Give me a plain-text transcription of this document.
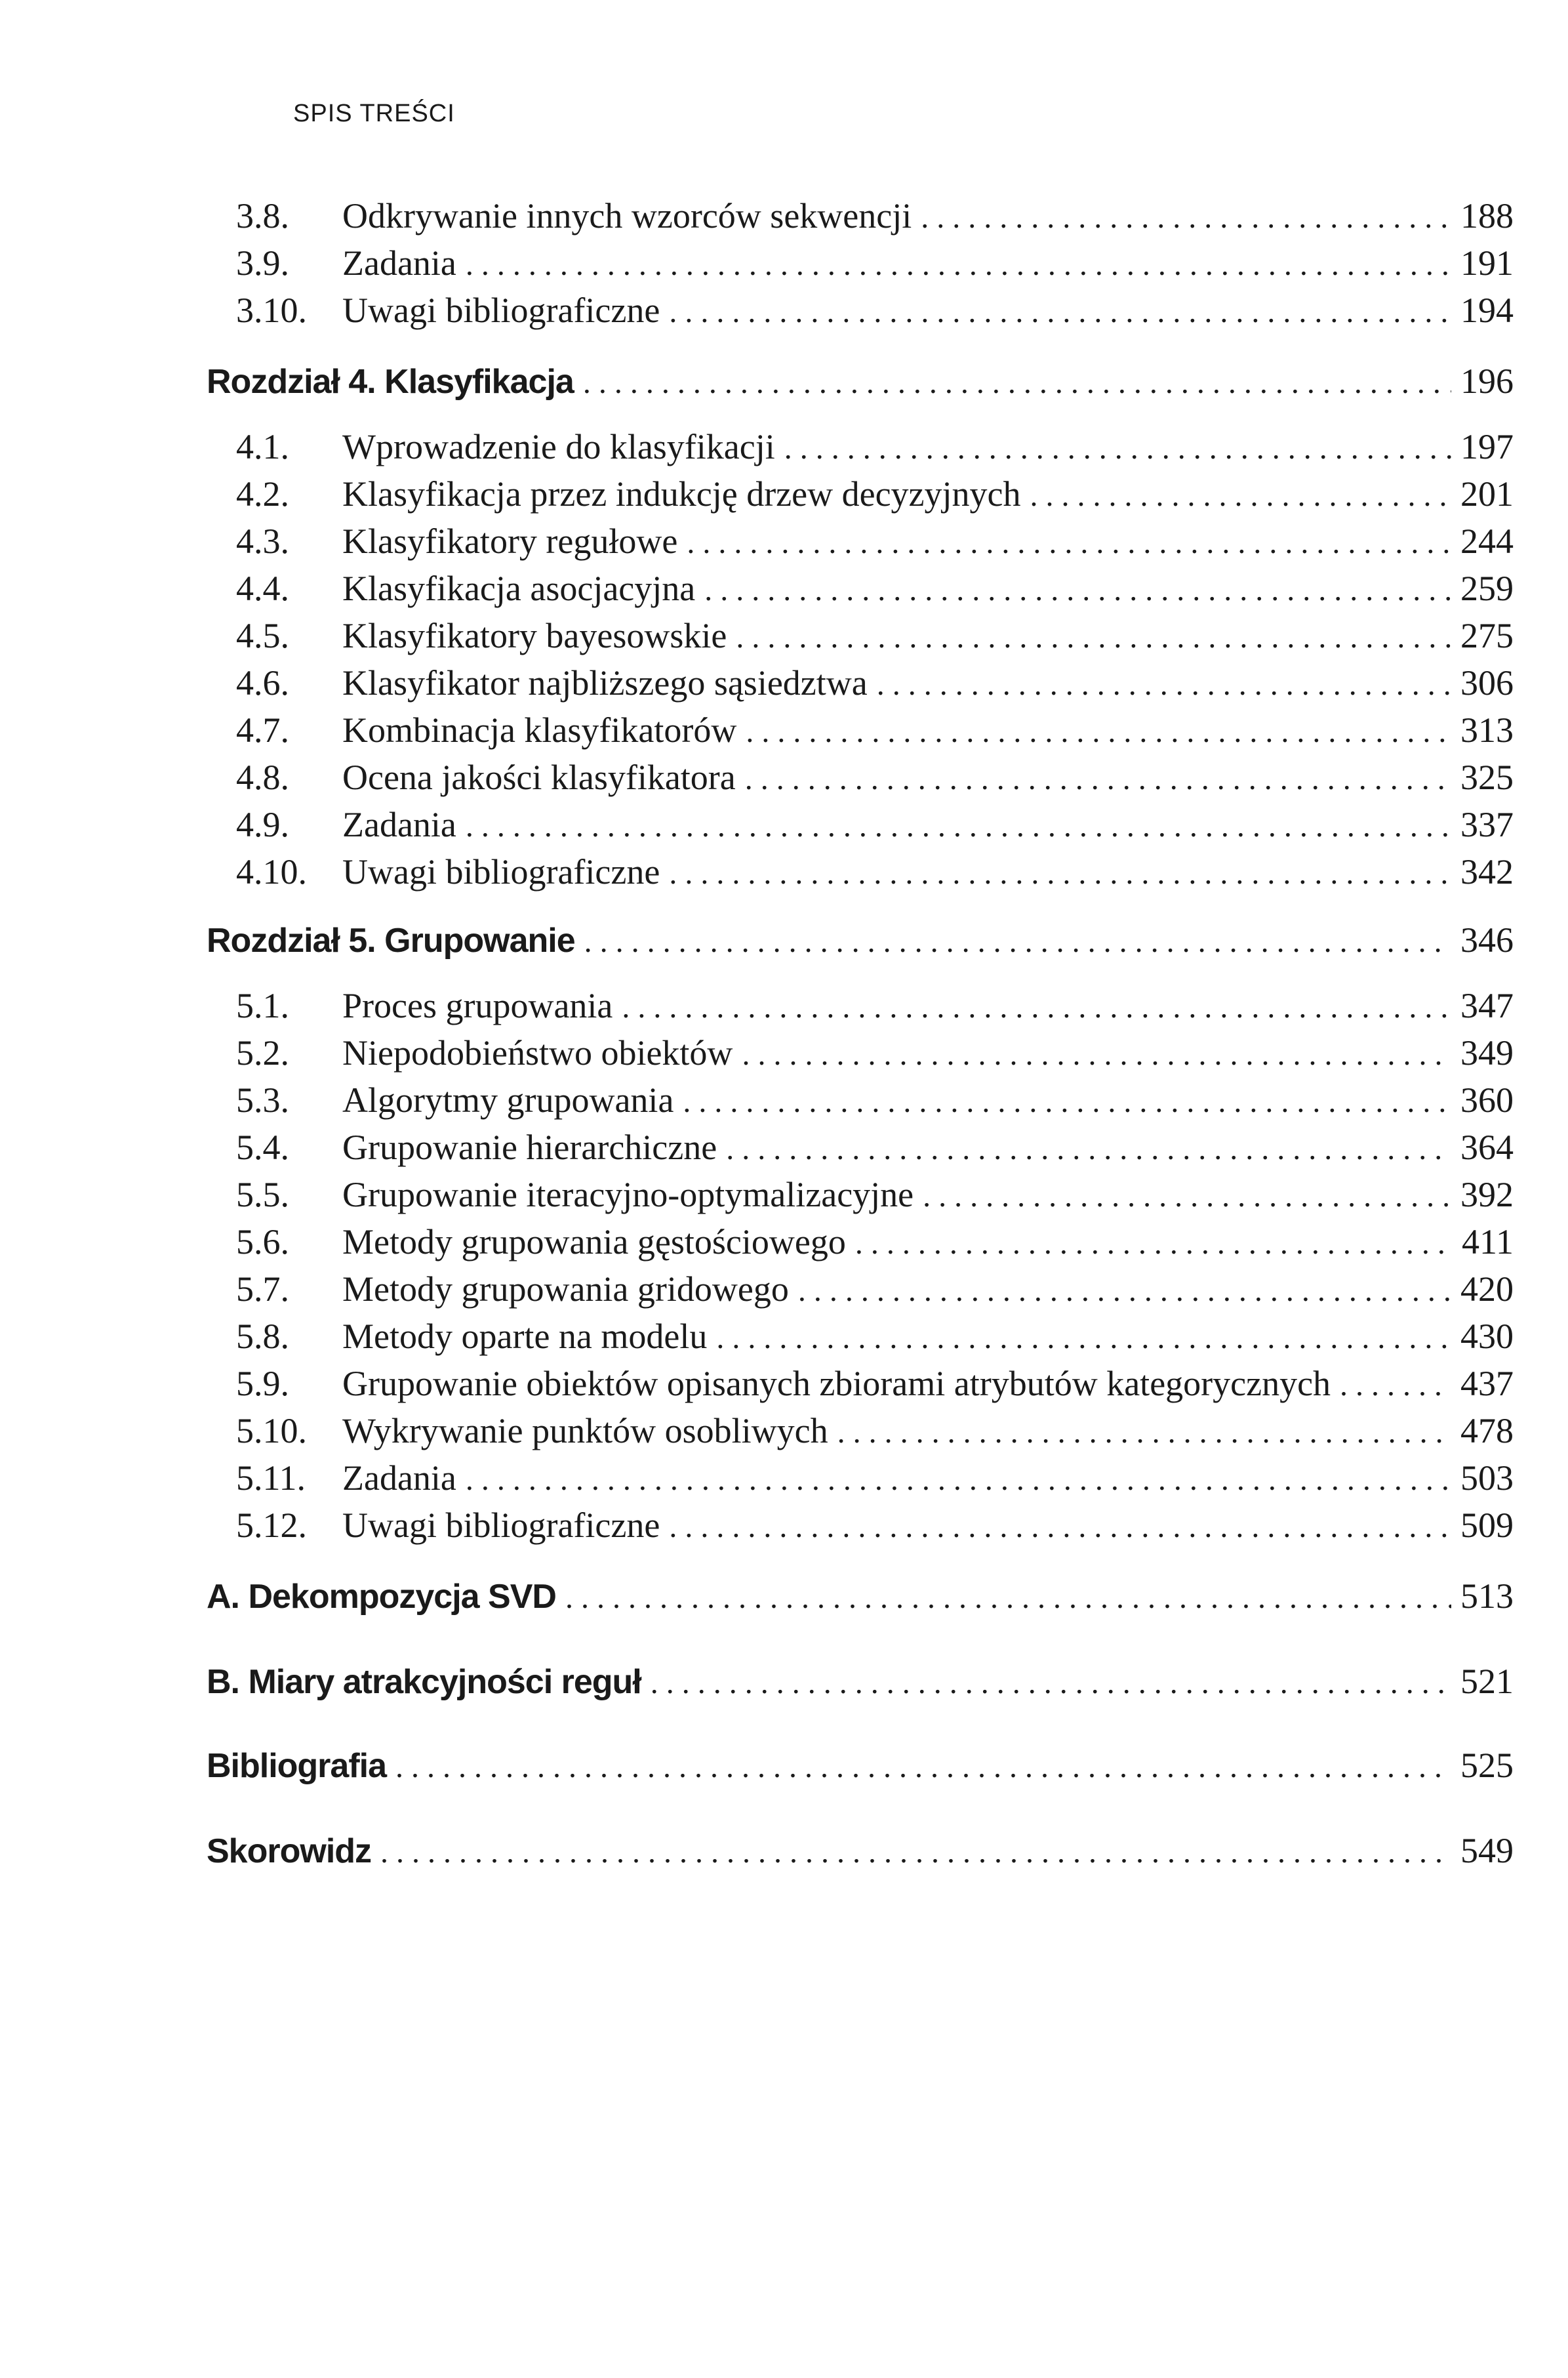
SPIS TREŚCI
3.8.	Odkrywanie innych wzorców sekwencji . . .	188
3.9.	Zadania . . .	191
3.10.	Uwagi bibliograficzne . . .	194
Rozdział 4. Klasyfikacja . . .	196
4.1.	Wprowadzenie do klasyfikacji . . .	197
4.2.	Klasyfikacja przez indukcję drzew decyzyjnych . . .	201
4.3.	Klasyfikatory regułowe . . .	244
4.4.	Klasyfikacja asocjacyjna . . .	259
4.5.	Klasyfikatory bayesowskie . . .	275
4.6.	Klasyfikator najbliższego sąsiedztwa . . .	306
4.7.	Kombinacja klasyfikatorów . . .	313
4.8.	Ocena jakości klasyfikatora . . .	325
4.9.	Zadania . . .	337
4.10.	Uwagi bibliograficzne . . .	342
Rozdział 5. Grupowanie . . .	346
5.1.	Proces grupowania . . .	347
5.2.	Niepodobieństwo obiektów . . .	349
5.3.	Algorytmy grupowania . . .	360
5.4.	Grupowanie hierarchiczne . . .	364
5.5.	Grupowanie iteracyjno-optymalizacyjne . . .	392
5.6.	Metody grupowania gęstościowego . . .	411
5.7.	Metody grupowania gridowego . . .	420
5.8.	Metody oparte na modelu . . .	430
5.9.	Grupowanie obiektów opisanych zbiorami atrybutów kategorycznych . . .	437
5.10.	Wykrywanie punktów osobliwych . . .	478
5.11.	Zadania . . .	503
5.12.	Uwagi bibliograficzne . . .	509
A. Dekompozycja SVD . . .	513
B. Miary atrakcyjności reguł . . .	521
Bibliografia . . .	525
Skorowidz . . .	549
